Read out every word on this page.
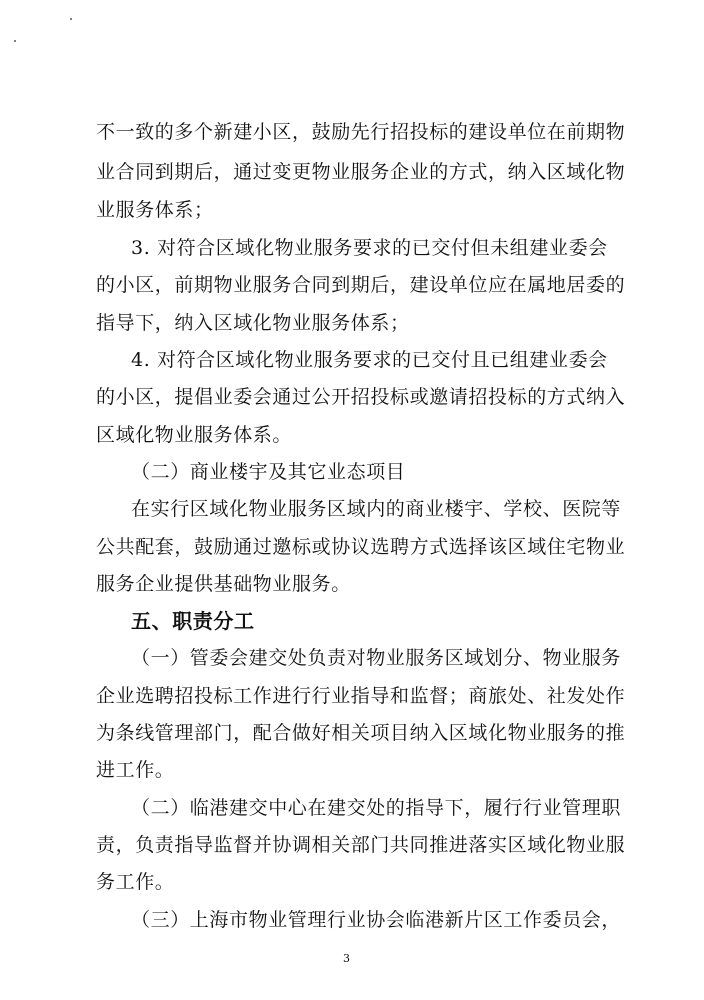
不一致的多个新建小区，鼓励先行招投标的建设单位在前期物
业合同到期后，通过变更物业服务企业的方式，纳入区域化物
业服务体系；
3. 对符合区域化物业服务要求的已交付但未组建业委会
的小区，前期物业服务合同到期后，建设单位应在属地居委的
指导下，纳入区域化物业服务体系；
4. 对符合区域化物业服务要求的已交付且已组建业委会
的小区，提倡业委会通过公开招投标或邀请招投标的方式纳入
区域化物业服务体系。
（二）商业楼宇及其它业态项目
在实行区域化物业服务区域内的商业楼宇、学校、医院等
公共配套，鼓励通过邀标或协议选聘方式选择该区域住宅物业
服务企业提供基础物业服务。
五、职责分工
（一）管委会建交处负责对物业服务区域划分、物业服务
企业选聘招投标工作进行行业指导和监督；商旅处、社发处作
为条线管理部门，配合做好相关项目纳入区域化物业服务的推
进工作。
（二）临港建交中心在建交处的指导下，履行行业管理职
责，负责指导监督并协调相关部门共同推进落实区域化物业服
务工作。
（三）上海市物业管理行业协会临港新片区工作委员会，
3
